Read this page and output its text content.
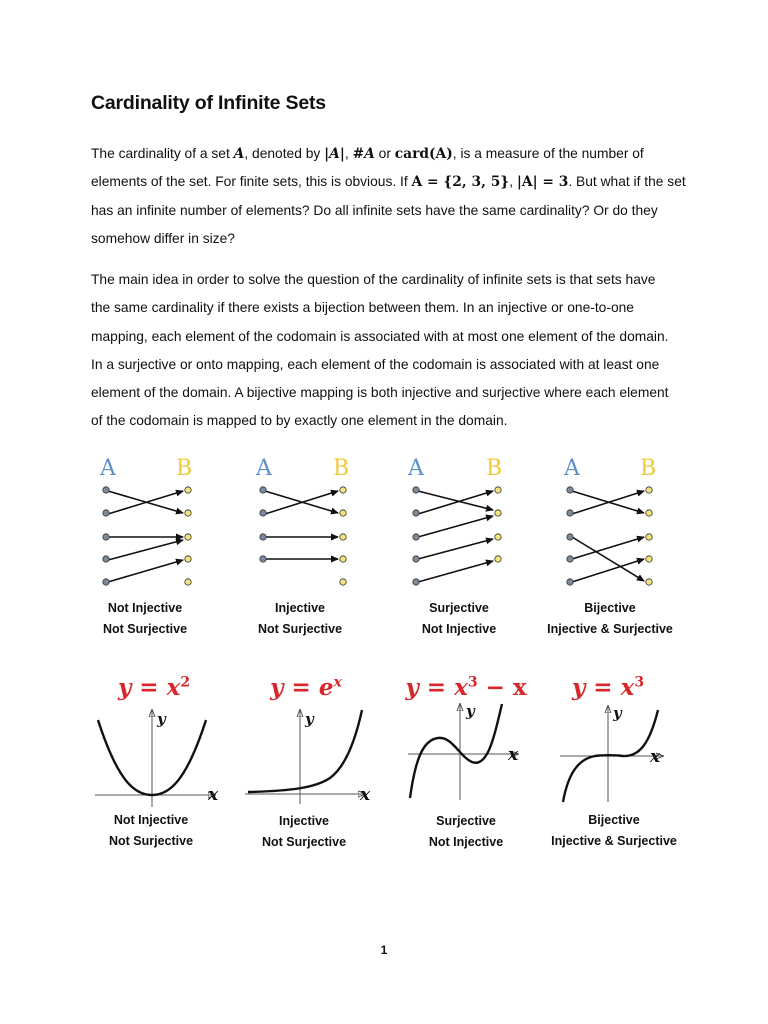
Cardinality of Infinite Sets

The cardinality of a set A, denoted by |A|, #A or card(A), is a measure of the number of
elements of the set. For finite sets, this is obvious. If A = {2, 3, 5}, |A| = 3. But what if the set
has an infinite number of elements? Do all infinite sets have the same cardinality? Or do they
somehow differ in size?

The main idea in order to solve the question of the cardinality of infinite sets is that sets have
the same cardinality if there exists a bijection between them. In an injective or one-to-one
mapping, each element of the codomain is associated with at most one element of the domain.
In a surjective or onto mapping, each element of the codomain is associated with at least one
element of the domain. A bijective mapping is both injective and surjective where each element
of the codomain is mapped to by exactly one element in the domain.

A	B	A	B	A	B	A	B
Not Injective
Not Surjective
Injective
Not Surjective
Surjective
Not Injective
Bijective
Injective & Surjective
$y = x^2$	$y = e^x$	$y = x^3 - x$	$y = x^3$
y
x
y
x
y
x
y
x
Not Injective
Not Surjective
Injective
Not Surjective
Surjective
Not Injective
Bijective
Injective & Surjective
1
